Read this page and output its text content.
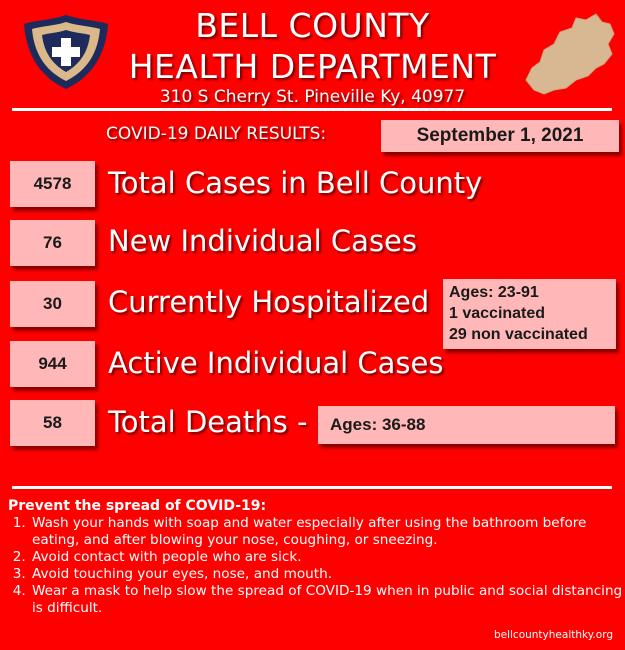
BELL COUNTY
HEALTH DEPARTMENT
310 S Cherry St. Pineville Ky, 40977
COVID-19 DAILY RESULTS:	September 1, 2021
4578	Total Cases in Bell County
76	New Individual Cases
30	Currently Hospitalized
944	Active Individual Cases
58	Total Deaths -
Ages: 23-91
1 vaccinated
29 non vaccinated
Ages: 36-88
Prevent the spread of COVID-19:
1. Wash your hands with soap and water especially after using the bathroom before eating, and after blowing your nose, coughing, or sneezing.
2. Avoid contact with people who are sick.
3. Avoid touching your eyes, nose, and mouth.
4. Wear a mask to help slow the spread of COVID-19 when in public and social distancing is difficult.
bellcountyhealthky.org
